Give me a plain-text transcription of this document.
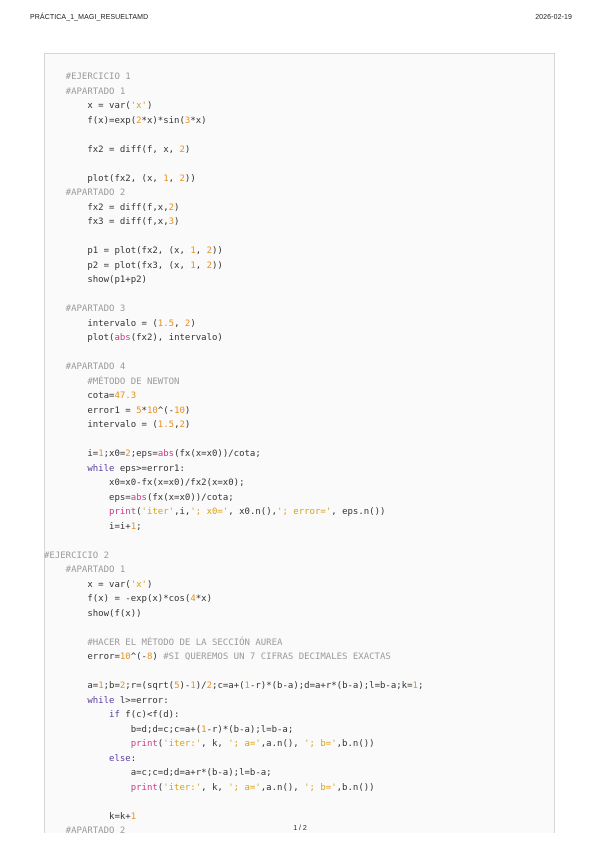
PRÁCTICA_1_MAGI_RESUELTAMD	2026-02-19
#EJERCICIO 1
#APARTADO 1
x = var('x')
f(x)=exp(2*x)*sin(3*x)
fx2 = diff(f, x, 2)
plot(fx2, (x, 1, 2))
#APARTADO 2
fx2 = diff(f,x,2)
fx3 = diff(f,x,3)
p1 = plot(fx2, (x, 1, 2))
p2 = plot(fx3, (x, 1, 2))
show(p1+p2)
#APARTADO 3
intervalo = (1.5, 2)
plot(abs(fx2), intervalo)
#APARTADO 4
#MÉTODO DE NEWTON
cota=47.3
error1 = 5*10^(-10)
intervalo = (1.5,2)
i=1;x0=2;eps=abs(fx(x=x0))/cota;
while eps>=error1:
x0=x0-fx(x=x0)/fx2(x=x0);
eps=abs(fx(x=x0))/cota;
print('iter',i,'; x0=', x0.n(),'; error=', eps.n())
i=i+1;
#EJERCICIO 2
#APARTADO 1
x = var('x')
f(x) = -exp(x)*cos(4*x)
show(f(x))
#HACER EL MÉTODO DE LA SECCIÓN AUREA
error=10^(-8) #SI QUEREMOS UN 7 CIFRAS DECIMALES EXACTAS
a=1;b=2;r=(sqrt(5)-1)/2;c=a+(1-r)*(b-a);d=a+r*(b-a);l=b-a;k=1;
while l>=error:
if f(c)<f(d):
b=d;d=c;c=a+(1-r)*(b-a);l=b-a;
print('iter:', k, '; a=',a.n(), '; b=',b.n())
else:
a=c;c=d;d=a+r*(b-a);l=b-a;
print('iter:', k, '; a=',a.n(), '; b=',b.n())
k=k+1
#APARTADO 2	1 / 2
